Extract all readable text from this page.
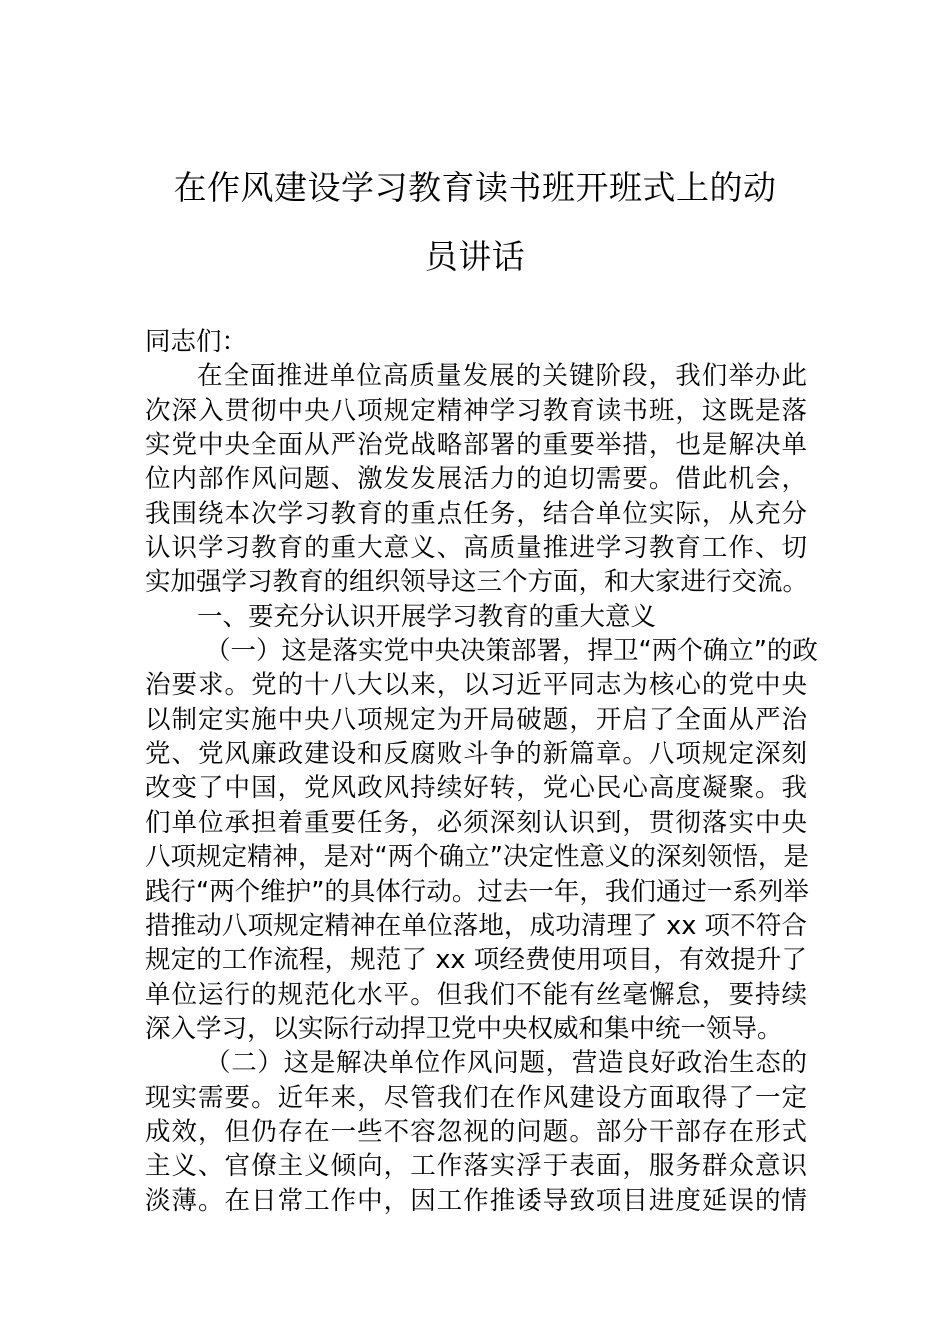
在作风建设学习教育读书班开班式上的动
员讲话
同志们：
在全面推进单位高质量发展的关键阶段，我们举办此
次深入贯彻中央八项规定精神学习教育读书班，这既是落
实党中央全面从严治党战略部署的重要举措，也是解决单
位内部作风问题、激发发展活力的迫切需要。借此机会，
我围绕本次学习教育的重点任务，结合单位实际，从充分
认识学习教育的重大意义、高质量推进学习教育工作、切
实加强学习教育的组织领导这三个方面，和大家进行交流。
一、要充分认识开展学习教育的重大意义
（一）这是落实党中央决策部署，捍卫“两个确立”的政
治要求。党的十八大以来，以习近平同志为核心的党中央
以制定实施中央八项规定为开局破题，开启了全面从严治
党、党风廉政建设和反腐败斗争的新篇章。八项规定深刻
改变了中国，党风政风持续好转，党心民心高度凝聚。我
们单位承担着重要任务，必须深刻认识到，贯彻落实中央
八项规定精神，是对“两个确立”决定性意义的深刻领悟，是
践行“两个维护”的具体行动。过去一年，我们通过一系列举
措推动八项规定精神在单位落地，成功清理了 xx 项不符合
规定的工作流程，规范了 xx 项经费使用项目，有效提升了
单位运行的规范化水平。但我们不能有丝毫懈怠，要持续
深入学习，以实际行动捍卫党中央权威和集中统一领导。
（二）这是解决单位作风问题，营造良好政治生态的
现实需要。近年来，尽管我们在作风建设方面取得了一定
成效，但仍存在一些不容忽视的问题。部分干部存在形式
主义、官僚主义倾向，工作落实浮于表面，服务群众意识
淡薄。在日常工作中，因工作推诿导致项目进度延误的情
